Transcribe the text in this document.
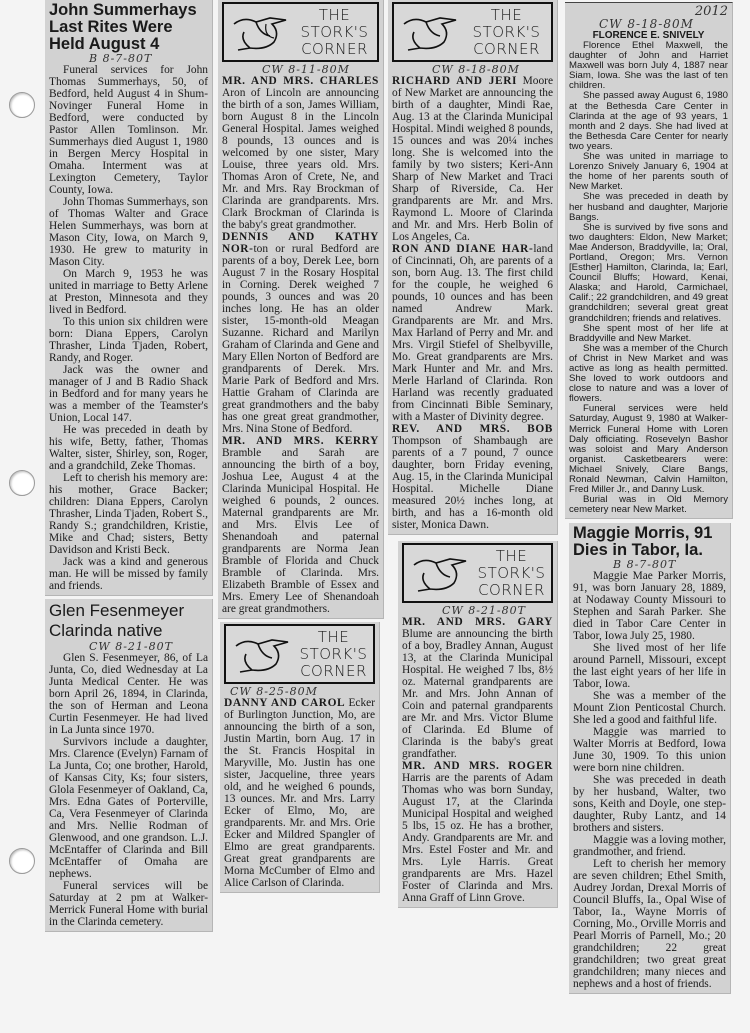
John Summerhays
Last Rites Were
Held August 4
B 8-7-80T

Funeral services for John Thomas Summerhays, 50, of Bedford, held August 4 in Shum-Novinger Funeral Home in Bedford, were conducted by Pastor Allen Tomlinson. Mr. Summerhays died August 1, 1980 in Bergen Mercy Hospital in Omaha. Interment was at Lexington Cemetery, Taylor County, Iowa.

John Thomas Summerhays, son of Thomas Walter and Grace Helen Summerhays, was born at Mason City, Iowa, on March 9, 1930. He grew to maturity in Mason City.

On March 9, 1953 he was united in marriage to Betty Arlene at Preston, Minnesota and they lived in Bedford.

To this union six children were born: Diana Eppers, Carolyn Thrasher, Linda Tjaden, Robert, Randy, and Roger.

Jack was the owner and manager of J and B Radio Shack in Bedford and for many years he was a member of the Teamster's Union, Local 147.

He was preceded in death by his wife, Betty, father, Thomas Walter, sister, Shirley, son, Roger, and a grandchild, Zeke Thomas.

Left to cherish his memory are: his mother, Grace Backer; children: Diana Eppers, Carolyn Thrasher, Linda Tjaden, Robert S., Randy S.; grandchildren, Kristie, Mike and Chad; sisters, Betty Davidson and Kristi Beck.

Jack was a kind and generous man. He will be missed by family and friends.

Glen Fesenmeyer
Clarinda native
CW 8-21-80T

Glen S. Fesenmeyer, 86, of La Junta, Co, died Wednesday at La Junta Medical Center. He was born April 26, 1894, in Clarinda, the son of Herman and Leona Curtin Fesenmeyer. He had lived in La Junta since 1970.

Survivors include a daughter, Mrs. Clarence (Evelyn) Farnam of La Junta, Co; one brother, Harold, of Kansas City, Ks; four sisters, Glola Fesenmeyer of Oakland, Ca, Mrs. Edna Gates of Porterville, Ca, Vera Fesenmeyer of Clarinda and Mrs. Nellie Rodman of Glenwood, and one grandson. L.J. McEntaffer of Clarinda and Bill McEntaffer of Omaha are nephews.

Funeral services will be Saturday at 2 pm at Walker-Merrick Funeral Home with burial in the Clarinda cemetery.

THE
STORK'S
CORNER
CW 8-11-80M

MR. AND MRS. CHARLES Aron of Lincoln are announcing the birth of a son, James William, born August 8 in the Lincoln General Hospital. James weighed 8 pounds, 13 ounces and is welcomed by one sister, Mary Louise, three years old. Mrs. Thomas Aron of Crete, Ne, and Mr. and Mrs. Ray Brockman of Clarinda are grandparents. Mrs. Clark Brockman of Clarinda is the baby's great grandmother.

DENNIS AND KATHY NOR-ton or rural Bedford are parents of a boy, Derek Lee, born August 7 in the Rosary Hospital in Corning. Derek weighed 7 pounds, 3 ounces and was 20 inches long. He has an older sister, 15-month-old Meagan Suzanne. Richard and Marilyn Graham of Clarinda and Gene and Mary Ellen Norton of Bedford are grandparents of Derek. Mrs. Marie Park of Bedford and Mrs. Hattie Graham of Clarinda are great grandmothers and the baby has one great great grandmother, Mrs. Nina Stone of Bedford.

MR. AND MRS. KERRY Bramble and Sarah are announcing the birth of a boy, Joshua Lee, August 4 at the Clarinda Municipal Hospital. He weighed 6 pounds, 2 ounces. Maternal grandparents are Mr. and Mrs. Elvis Lee of Shenandoah and paternal grandparents are Norma Jean Bramble of Florida and Chuck Bramble of Clarinda. Mrs. Elizabeth Bramble of Essex and Mrs. Emery Lee of Shenandoah are great grandmothers.

THE
STORK'S
CORNER
CW 8-25-80M

DANNY AND CAROL Ecker of Burlington Junction, Mo, are announcing the birth of a son, Justin Martin, born Aug. 17 in the St. Francis Hospital in Maryville, Mo. Justin has one sister, Jacqueline, three years old, and he weighed 6 pounds, 13 ounces. Mr. and Mrs. Larry Ecker of Elmo, Mo, are grandparents. Mr. and Mrs. Orie Ecker and Mildred Spangler of Elmo are great grandparents. Great great grandparents are Morna McCumber of Elmo and Alice Carlson of Clarinda.

THE
STORK'S
CORNER
CW 8-18-80M

RICHARD AND JERI Moore of New Market are announcing the birth of a daughter, Mindi Rae, Aug. 13 at the Clarinda Municipal Hospital. Mindi weighed 8 pounds, 15 ounces and was 20¼ inches long. She is welcomed into the family by two sisters; Keri-Ann Sharp of New Market and Traci Sharp of Riverside, Ca. Her grandparents are Mr. and Mrs. Raymond L. Moore of Clarinda and Mr. and Mrs. Herb Bolin of Los Angeles, Ca.

RON AND DIANE HAR-land of Cincinnati, Oh, are parents of a son, born Aug. 13. The first child for the couple, he weighed 6 pounds, 10 ounces and has been named Andrew Mark. Grandparents are Mr. and Mrs. Max Harland of Perry and Mr. and Mrs. Virgil Stiefel of Shelbyville, Mo. Great grandparents are Mrs. Mark Hunter and Mr. and Mrs. Merle Harland of Clarinda. Ron Harland was recently graduated from Cincinnati Bible Seminary, with a Master of Divinity degree.

REV. AND MRS. BOB Thompson of Shambaugh are parents of a 7 pound, 7 ounce daughter, born Friday evening, Aug. 15, in the Clarinda Municipal Hospital. Michelle Diane measured 20½ inches long, at birth, and has a 16-month old sister, Monica Dawn.

THE
STORK'S
CORNER
CW 8-21-80T

MR. AND MRS. GARY Blume are announcing the birth of a boy, Bradley Annan, August 13, at the Clarinda Municipal Hospital. He weighed 7 lbs, 8½ oz. Maternal grandparents are Mr. and Mrs. John Annan of Coin and paternal grandparents are Mr. and Mrs. Victor Blume of Clarinda. Ed Blume of Clarinda is the baby's great grandfather.

MR. AND MRS. ROGER Harris are the parents of Adam Thomas who was born Sunday, August 17, at the Clarinda Municipal Hospital and weighed 5 lbs, 15 oz. He has a brother, Andy. Grandparents are Mr. and Mrs. Estel Foster and Mr. and Mrs. Lyle Harris. Great grandparents are Mrs. Hazel Foster of Clarinda and Mrs. Anna Graff of Linn Grove.

2012
CW 8-18-80M
FLORENCE E. SNIVELY

Florence Ethel Maxwell, the daughter of John and Harriet Maxwell was born July 4, 1887 near Siam, Iowa. She was the last of ten children.

She passed away August 6, 1980 at the Bethesda Care Center in Clarinda at the age of 93 years, 1 month and 2 days. She had lived at the Bethesda Care Center for nearly two years.

She was united in marriage to Lorenzo Snively January 6, 1904 at the home of her parents south of New Market.

She was preceded in death by her husband and daughter, Marjorie Bangs.

She is survived by five sons and two daughters: Eldon, New Market; Mae Anderson, Braddyville, Ia; Oral, Portland, Oregon; Mrs. Vernon [Esther] Hamilton, Clarinda, Ia; Earl, Council Bluffs; Howard, Kenai, Alaska; and Harold, Carmichael, Calif.; 22 grandchildren, and 49 great grandchildren; several great great grandchildren; friends and relatives.

She spent most of her life at Braddyville and New Market.

She was a member of the Church of Christ in New Market and was active as long as health permitted. She loved to work outdoors and close to nature and was a lover of flowers.

Funeral services were held Saturday, August 9, 1980 at Walker-Merrick Funeral Home with Loren Daly officiating. Rosevelyn Bashor was soloist and Mary Anderson organist. Casketbearers were: Michael Snively, Clare Bangs, Ronald Newman, Calvin Hamilton, Fred Miller Jr., and Danny Lusk.

Burial was in Old Memory cemetery near New Market.

Maggie Morris, 91
Dies in Tabor, Ia.
B 8-7-80T

Maggie Mae Parker Morris, 91, was born January 28, 1889, at Nodaway County Missouri to Stephen and Sarah Parker. She died in Tabor Care Center in Tabor, Iowa July 25, 1980.

She lived most of her life around Parnell, Missouri, except the last eight years of her life in Tabor, Iowa.

She was a member of the Mount Zion Penticostal Church. She led a good and faithful life.

Maggie was married to Walter Morris at Bedford, Iowa June 30, 1909. To this union were born nine children.

She was preceded in death by her husband, Walter, two sons, Keith and Doyle, one step-daughter, Ruby Lantz, and 14 brothers and sisters.

Maggie was a loving mother, grandmother, and friend.

Left to cherish her memory are seven children; Ethel Smith, Audrey Jordan, Drexal Morris of Council Bluffs, Ia., Opal Wise of Tabor, Ia., Wayne Morris of Corning, Mo., Orville Morris and Pearl Morris of Parnell, Mo.; 20 grandchildren; 22 great grandchildren; two great great grandchildren; many nieces and nephews and a host of friends.
